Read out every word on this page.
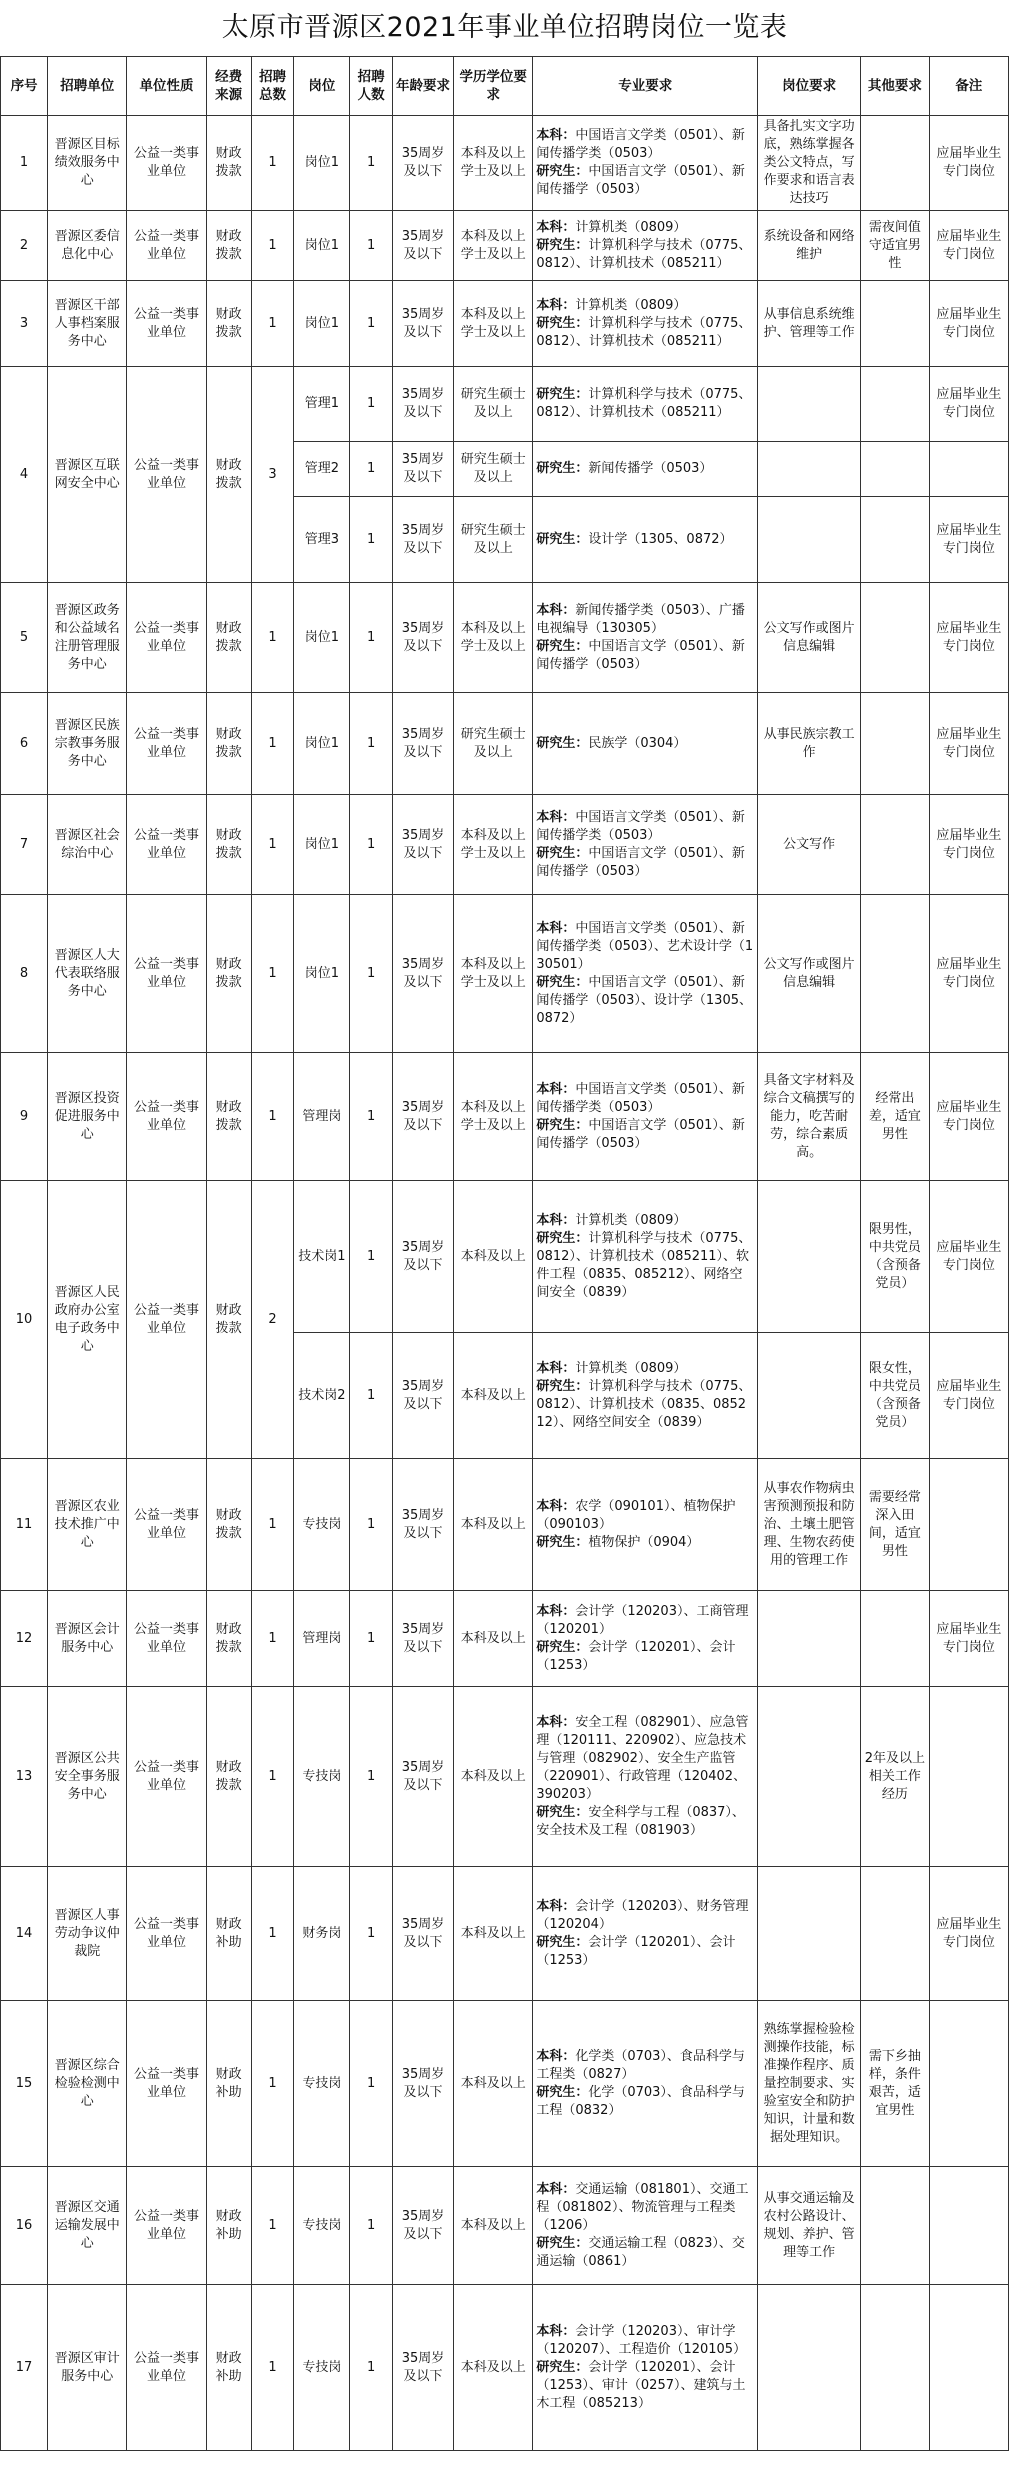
太原市晋源区2021年事业单位招聘岗位一览表
序号	招聘单位	单位性质	经费来源	招聘总数	岗位	招聘人数	年龄要求	学历学位要求	专业要求	岗位要求	其他要求	备注
1	晋源区目标绩效服务中心	公益一类事业单位	财政拨款	1	岗位1	1	35周岁及以下	本科及以上学士及以上	本科：中国语言文学类（0501）、新闻传播学类（0503）
研究生：中国语言文学（0501）、新闻传播学（0503）	具备扎实文字功底，熟练掌握各类公文特点，写作要求和语言表达技巧		应届毕业生专门岗位
2	晋源区委信息化中心	公益一类事业单位	财政拨款	1	岗位1	1	35周岁及以下	本科及以上学士及以上	本科：计算机类（0809）
研究生：计算机科学与技术（0775、0812）、计算机技术（085211）	系统设备和网络维护	需夜间值守适宜男性	应届毕业生专门岗位
3	晋源区干部人事档案服务中心	公益一类事业单位	财政拨款	1	岗位1	1	35周岁及以下	本科及以上学士及以上	本科：计算机类（0809）
研究生：计算机科学与技术（0775、0812）、计算机技术（085211）	从事信息系统维护、管理等工作		应届毕业生专门岗位
4	晋源区互联网安全中心	公益一类事业单位	财政拨款	3	管理1	1	35周岁及以下	研究生硕士及以上	研究生：计算机科学与技术（0775、0812）、计算机技术（085211）			应届毕业生专门岗位
					管理2	1	35周岁及以下	研究生硕士及以上	研究生：新闻传播学（0503）			

					管理3	1	35周岁及以下	研究生硕士及以上	研究生：设计学（1305、0872）			应届毕业生专门岗位
5	晋源区政务和公益域名注册管理服务中心	公益一类事业单位	财政拨款	1	岗位1	1	35周岁及以下	本科及以上学士及以上	本科：新闻传播学类（0503）、广播电视编导（130305）
研究生：中国语言文学（0501）、新闻传播学（0503）	公文写作或图片信息编辑		应届毕业生专门岗位
6	晋源区民族宗教事务服务中心	公益一类事业单位	财政拨款	1	岗位1	1	35周岁及以下	研究生硕士及以上	研究生：民族学（0304）	从事民族宗教工作		应届毕业生专门岗位
7	晋源区社会综治中心	公益一类事业单位	财政拨款	1	岗位1	1	35周岁及以下	本科及以上学士及以上	本科：中国语言文学类（0501）、新闻传播学类（0503）
研究生：中国语言文学（0501）、新闻传播学（0503）	公文写作		应届毕业生专门岗位
8	晋源区人大代表联络服务中心	公益一类事业单位	财政拨款	1	岗位1	1	35周岁及以下	本科及以上学士及以上	本科：中国语言文学类（0501）、新闻传播学类（0503）、艺术设计学（130501）
研究生：中国语言文学（0501）、新闻传播学（0503）、设计学（1305、0872）	公文写作或图片信息编辑		应届毕业生专门岗位
9	晋源区投资促进服务中心	公益一类事业单位	财政拨款	1	管理岗	1	35周岁及以下	本科及以上学士及以上	本科：中国语言文学类（0501）、新闻传播学类（0503）
研究生：中国语言文学（0501）、新闻传播学（0503）	具备文字材料及综合文稿撰写的能力，吃苦耐劳，综合素质高。	经常出差，适宜男性	应届毕业生专门岗位
10	晋源区人民政府办公室电子政务中心	公益一类事业单位	财政拨款	2	技术岗1	1	35周岁及以下	本科及以上	本科：计算机类（0809）
研究生：计算机科学与技术（0775、0812）、计算机技术（085211）、软件工程（0835、085212）、网络空间安全（0839）		限男性，中共党员（含预备党员）	应届毕业生专门岗位
					技术岗2	1	35周岁及以下	本科及以上	本科：计算机类（0809）
研究生：计算机科学与技术（0775、0812）、计算机技术（0835、085212）、网络空间安全（0839）		限女性，中共党员（含预备党员）	应届毕业生专门岗位
11	晋源区农业技术推广中心	公益一类事业单位	财政拨款	1	专技岗	1	35周岁及以下	本科及以上	本科：农学（090101）、植物保护（090103）
研究生：植物保护（0904）	从事农作物病虫害预测预报和防治、土壤土肥管理、生物农药使用的管理工作	需要经常深入田间，适宜男性	
12	晋源区会计服务中心	公益一类事业单位	财政拨款	1	管理岗	1	35周岁及以下	本科及以上	本科：会计学（120203）、工商管理（120201）
研究生：会计学（120201）、会计（1253）			应届毕业生专门岗位
13	晋源区公共安全事务服务中心	公益一类事业单位	财政拨款	1	专技岗	1	35周岁及以下	本科及以上	本科：安全工程（082901）、应急管理（120111、220902）、应急技术与管理（082902）、安全生产监管（220901）、行政管理（120402、390203）
研究生：安全科学与工程（0837）、安全技术及工程（081903）		2年及以上相关工作经历	
14	晋源区人事劳动争议仲裁院	公益一类事业单位	财政补助	1	财务岗	1	35周岁及以下	本科及以上	本科：会计学（120203）、财务管理（120204）
研究生：会计学（120201）、会计（1253）			应届毕业生专门岗位
15	晋源区综合检验检测中心	公益一类事业单位	财政补助	1	专技岗	1	35周岁及以下	本科及以上	本科：化学类（0703）、食品科学与工程类（0827）
研究生：化学（0703）、食品科学与工程（0832）	熟练掌握检验检测操作技能，标准操作程序、质量控制要求、实验室安全和防护知识，计量和数据处理知识。	需下乡抽样，条件艰苦，适宜男性	
16	晋源区交通运输发展中心	公益一类事业单位	财政补助	1	专技岗	1	35周岁及以下	本科及以上	本科：交通运输（081801）、交通工程（081802）、物流管理与工程类（1206）
研究生：交通运输工程（0823）、交通运输（0861）	从事交通运输及农村公路设计、规划、养护、管理等工作		
17	晋源区审计服务中心	公益一类事业单位	财政补助	1	专技岗	1	35周岁及以下	本科及以上	本科：会计学（120203）、审计学（120207）、工程造价（120105）
研究生：会计学（120201）、会计（1253）、审计（0257）、建筑与土木工程（085213）			
